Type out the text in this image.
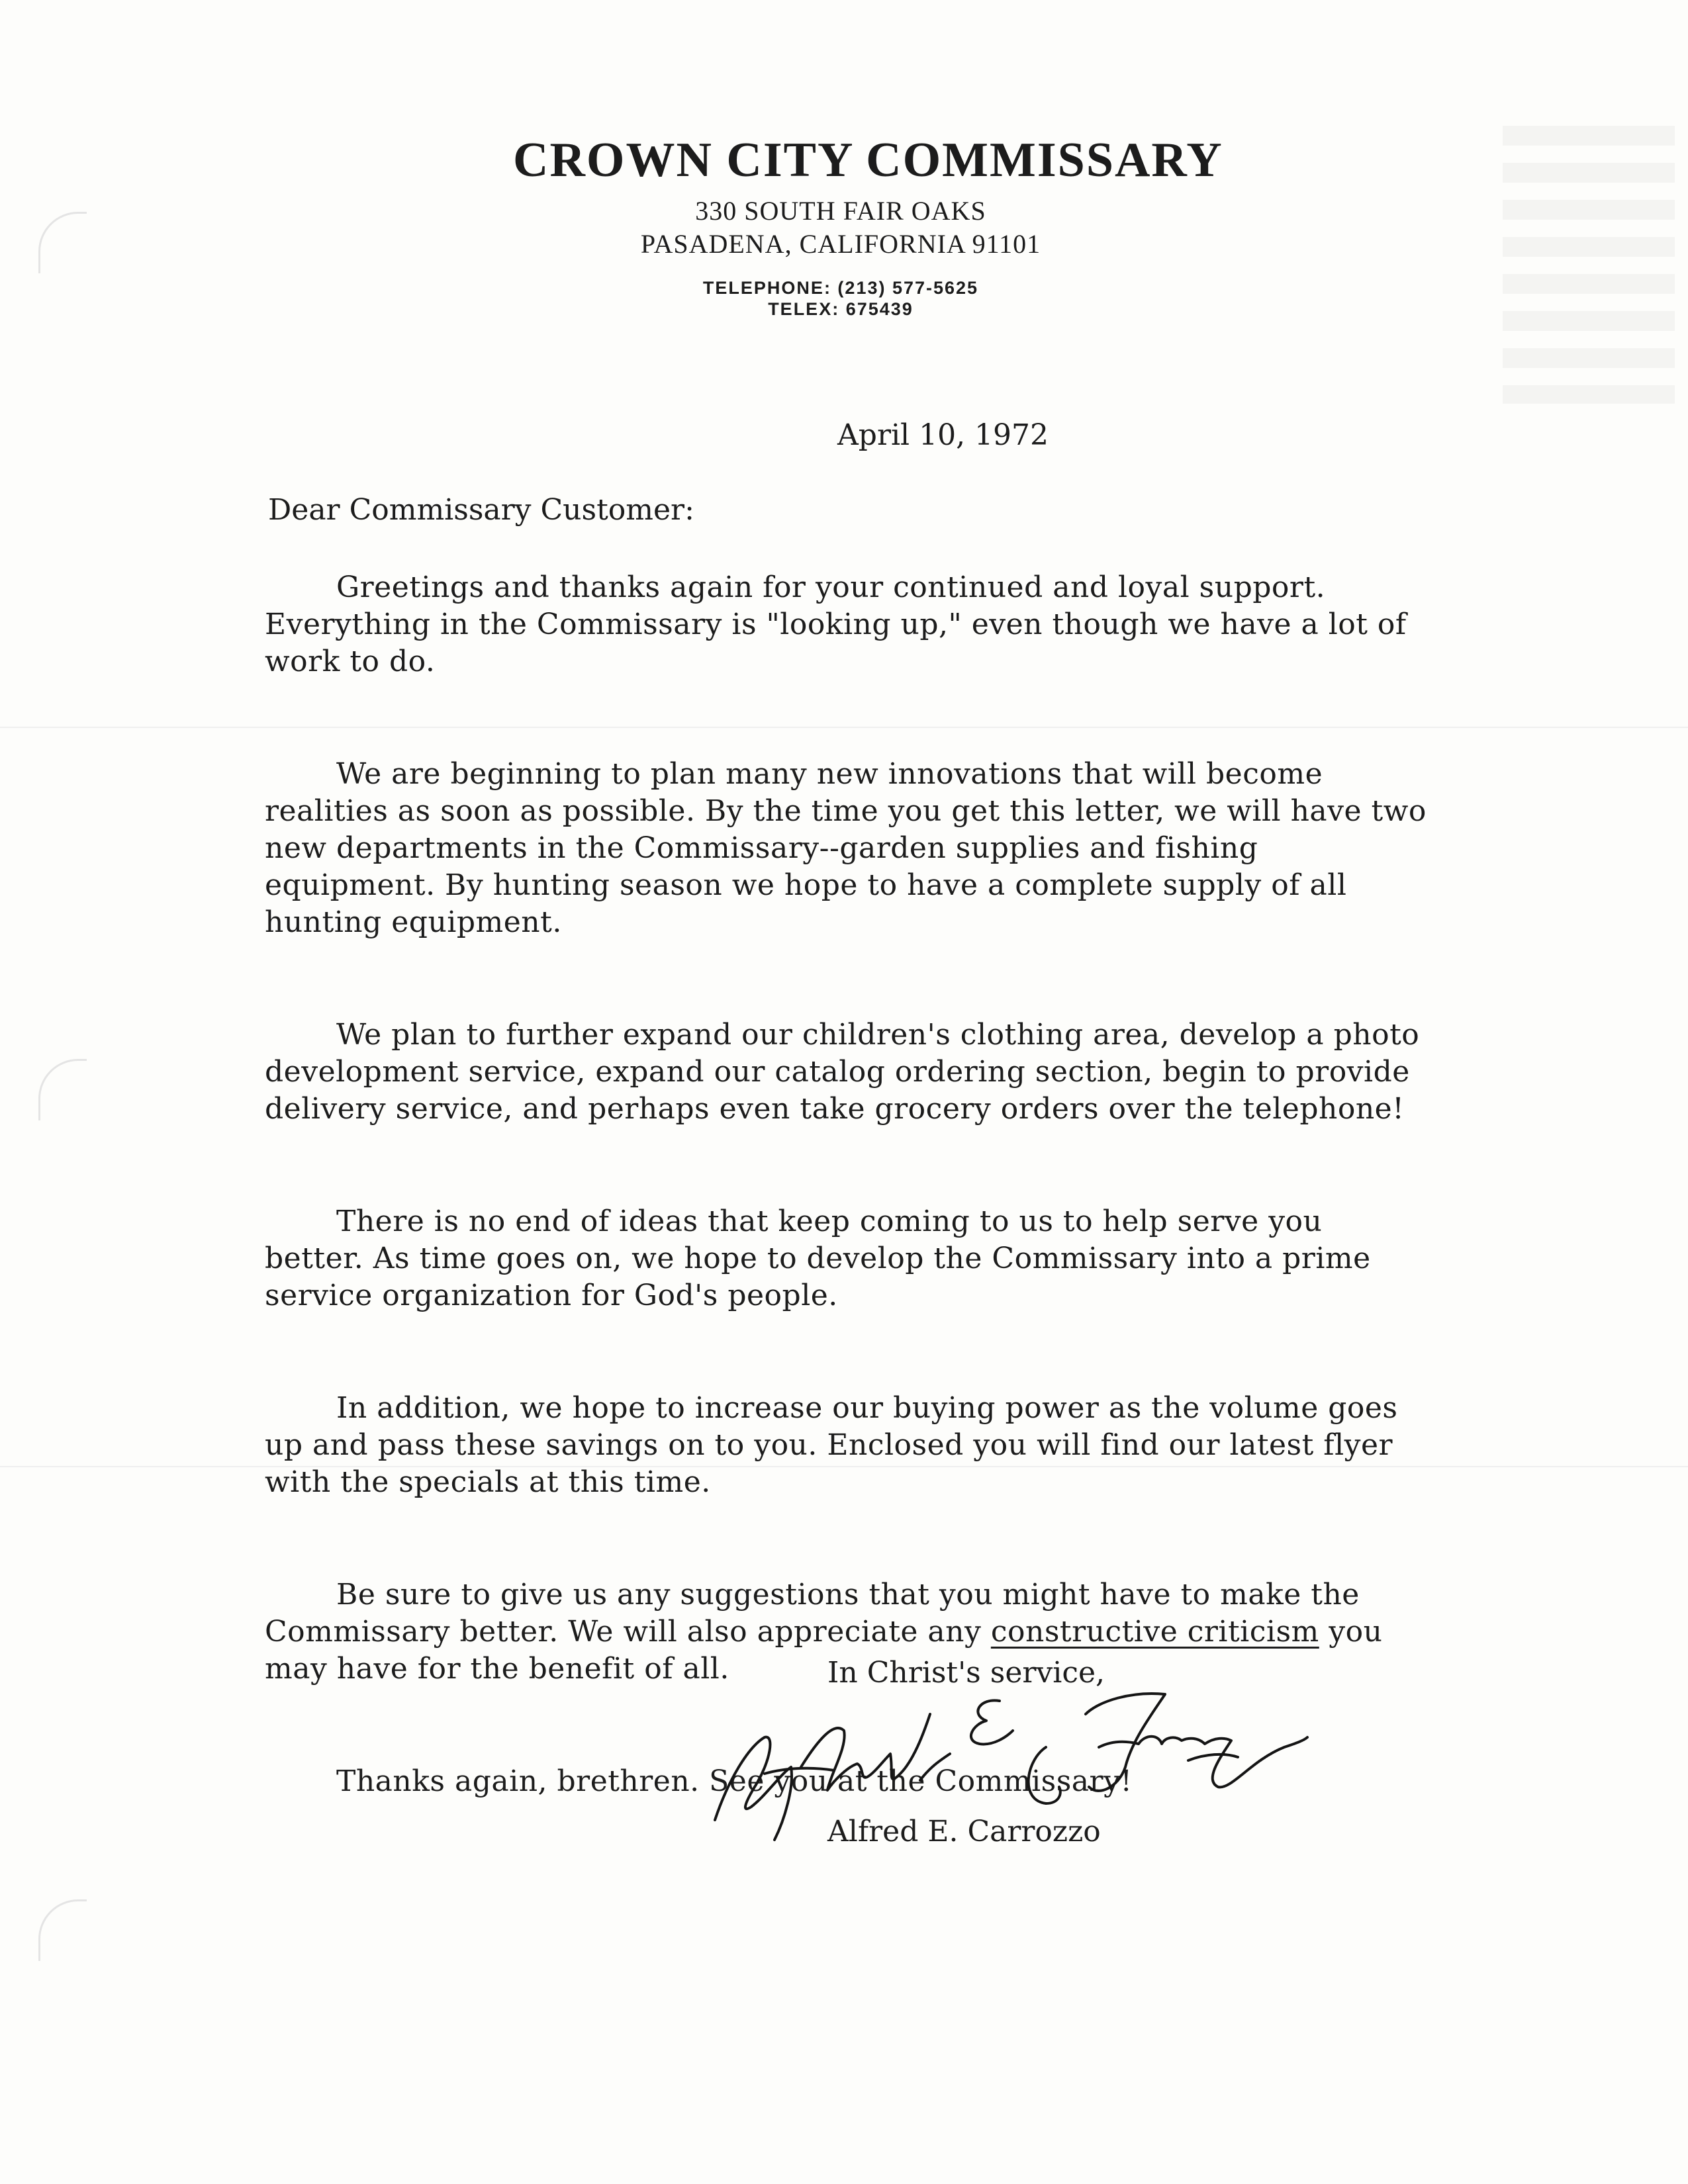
CROWN CITY COMMISSARY
330 SOUTH FAIR OAKS
PASADENA, CALIFORNIA 91101
TELEPHONE: (213) 577-5625
TELEX: 675439
April 10, 1972
Dear Commissary Customer:

Greetings and thanks again for your continued and loyal support. Everything in the Commissary is "looking up," even though we have a lot of work to do.

We are beginning to plan many new innovations that will become realities as soon as possible. By the time you get this letter, we will have two new departments in the Commissary--garden supplies and fishing equipment. By hunting season we hope to have a complete supply of all hunting equipment.

We plan to further expand our children's clothing area, develop a photo development service, expand our catalog ordering section, begin to provide delivery service, and perhaps even take grocery orders over the telephone!

There is no end of ideas that keep coming to us to help serve you better. As time goes on, we hope to develop the Commissary into a prime service organization for God's people.

In addition, we hope to increase our buying power as the volume goes up and pass these savings on to you. Enclosed you will find our latest flyer with the specials at this time.

Be sure to give us any suggestions that you might have to make the Commissary better. We will also appreciate any constructive criticism you may have for the benefit of all.

Thanks again, brethren. See you at the Commissary!

In Christ's service,
Alfred E. Carrozzo
